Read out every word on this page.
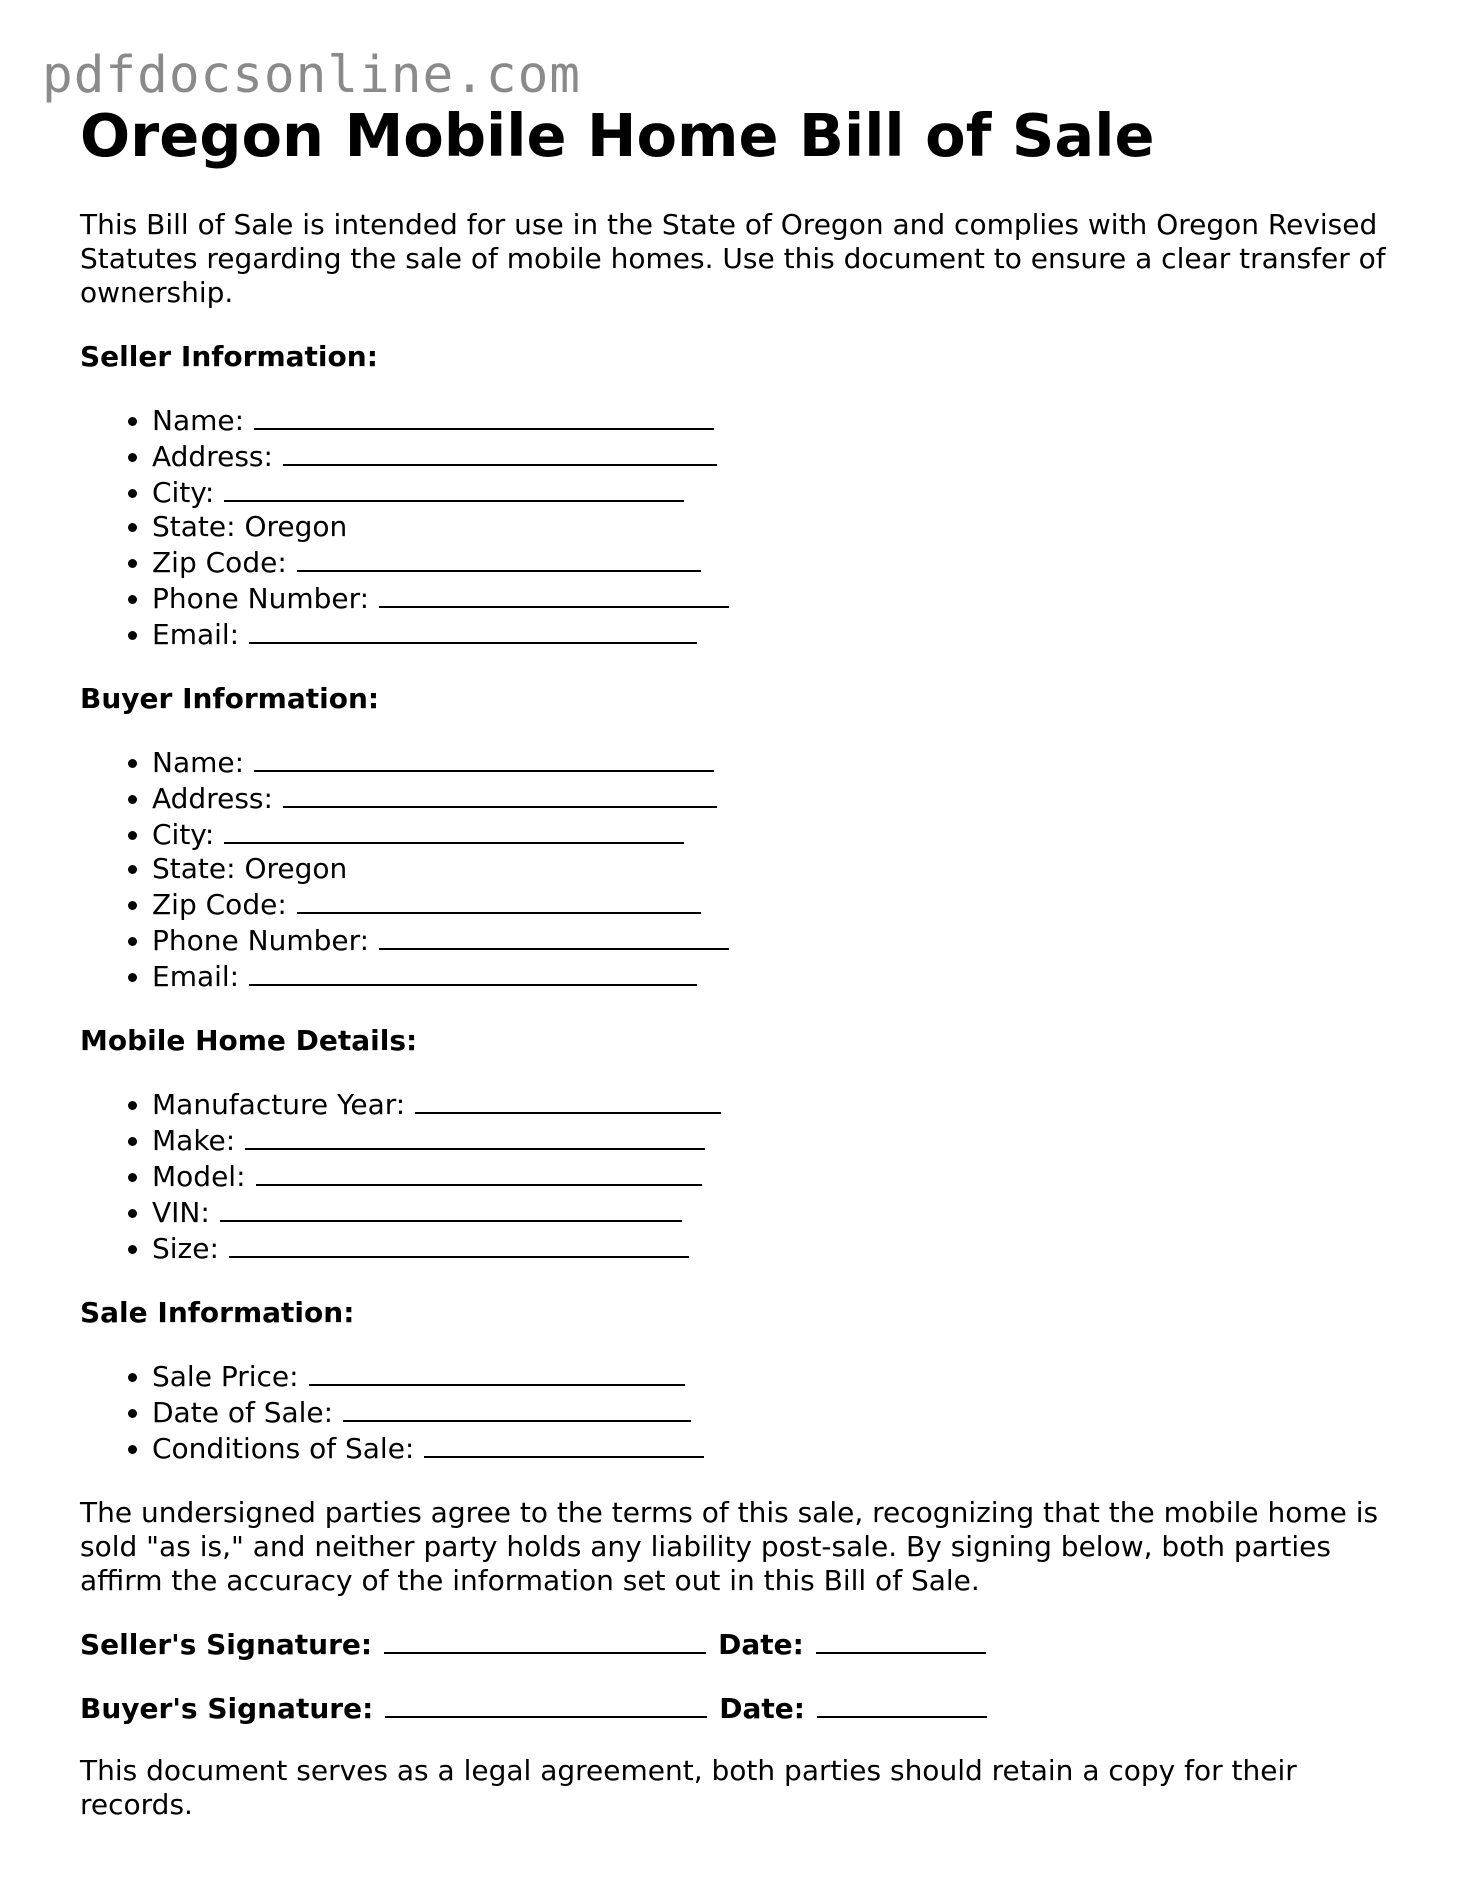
pdfdocsonline.com
Oregon Mobile Home Bill of Sale

This Bill of Sale is intended for use in the State of Oregon and complies with Oregon Revised Statutes regarding the sale of mobile homes. Use this document to ensure a clear transfer of ownership.

Seller Information:
• Name:
• Address:
• City:
• State: Oregon
• Zip Code:
• Phone Number:
• Email:
Buyer Information:
• Name:
• Address:
• City:
• State: Oregon
• Zip Code:
• Phone Number:
• Email:
Mobile Home Details:
• Manufacture Year:
• Make:
• Model:
• VIN:
• Size:
Sale Information:
• Sale Price:
• Date of Sale:
• Conditions of Sale:

The undersigned parties agree to the terms of this sale, recognizing that the mobile home is sold "as is," and neither party holds any liability post-sale. By signing below, both parties affirm the accuracy of the information set out in this Bill of Sale.

Seller's Signature:	Date:
Buyer's Signature:	Date:

This document serves as a legal agreement, both parties should retain a copy for their records.
